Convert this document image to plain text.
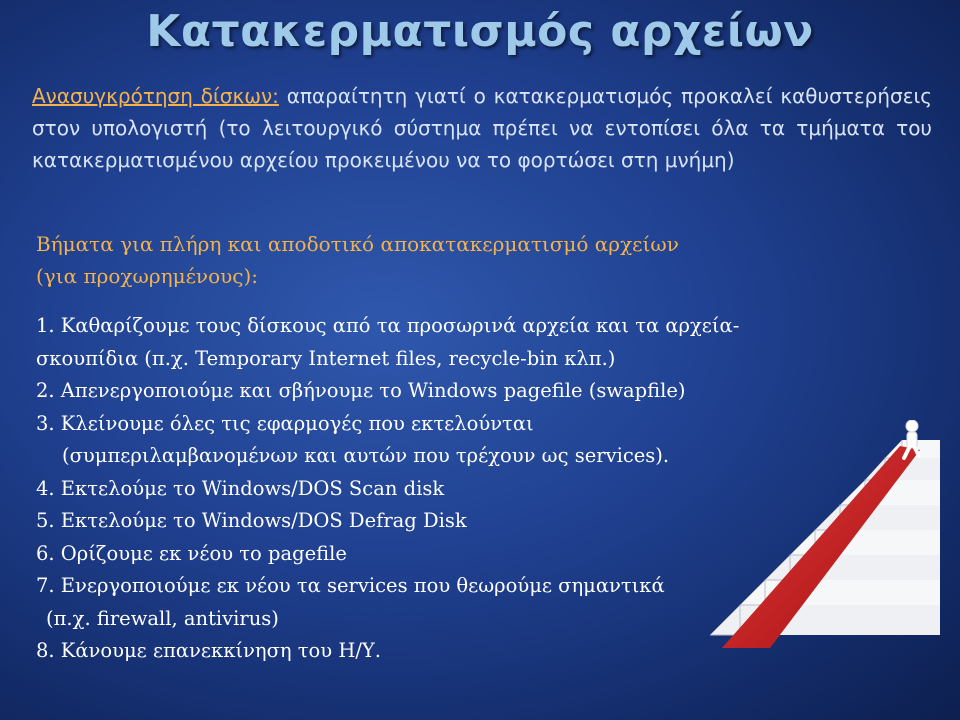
Κατακερματισμός αρχείων
Ανασυγκρότηση δίσκων: απαραίτητη γιατί ο κατακερματισμός προκαλεί καθυστερήσεις στον υπολογιστή (το λειτουργικό σύστημα πρέπει να εντοπίσει όλα τα τμήματα του κατακερματισμένου αρχείου προκειμένου να το φορτώσει στη μνήμη)
Βήματα για πλήρη και αποδοτικό αποκατακερματισμό αρχείων
(για προχωρημένους):
1. Καθαρίζουμε τους δίσκους από τα προσωρινά αρχεία και τα αρχεία-
σκουπίδια (π.χ. Temporary Internet files, recycle-bin κλπ.)
2. Απενεργοποιούμε και σβήνουμε το Windows pagefile (swapfile)
3. Κλείνουμε όλες τις εφαρμογές που εκτελούνται
(συμπεριλαμβανομένων και αυτών που τρέχουν ως services).
4. Εκτελούμε το Windows/DOS Scan disk
5. Εκτελούμε το Windows/DOS Defrag Disk
6. Ορίζουμε εκ νέου το pagefile
7. Ενεργοποιούμε εκ νέου τα services που θεωρούμε σημαντικά
(π.χ. firewall, antivirus)
8. Κάνουμε επανεκκίνηση του Η/Υ.
